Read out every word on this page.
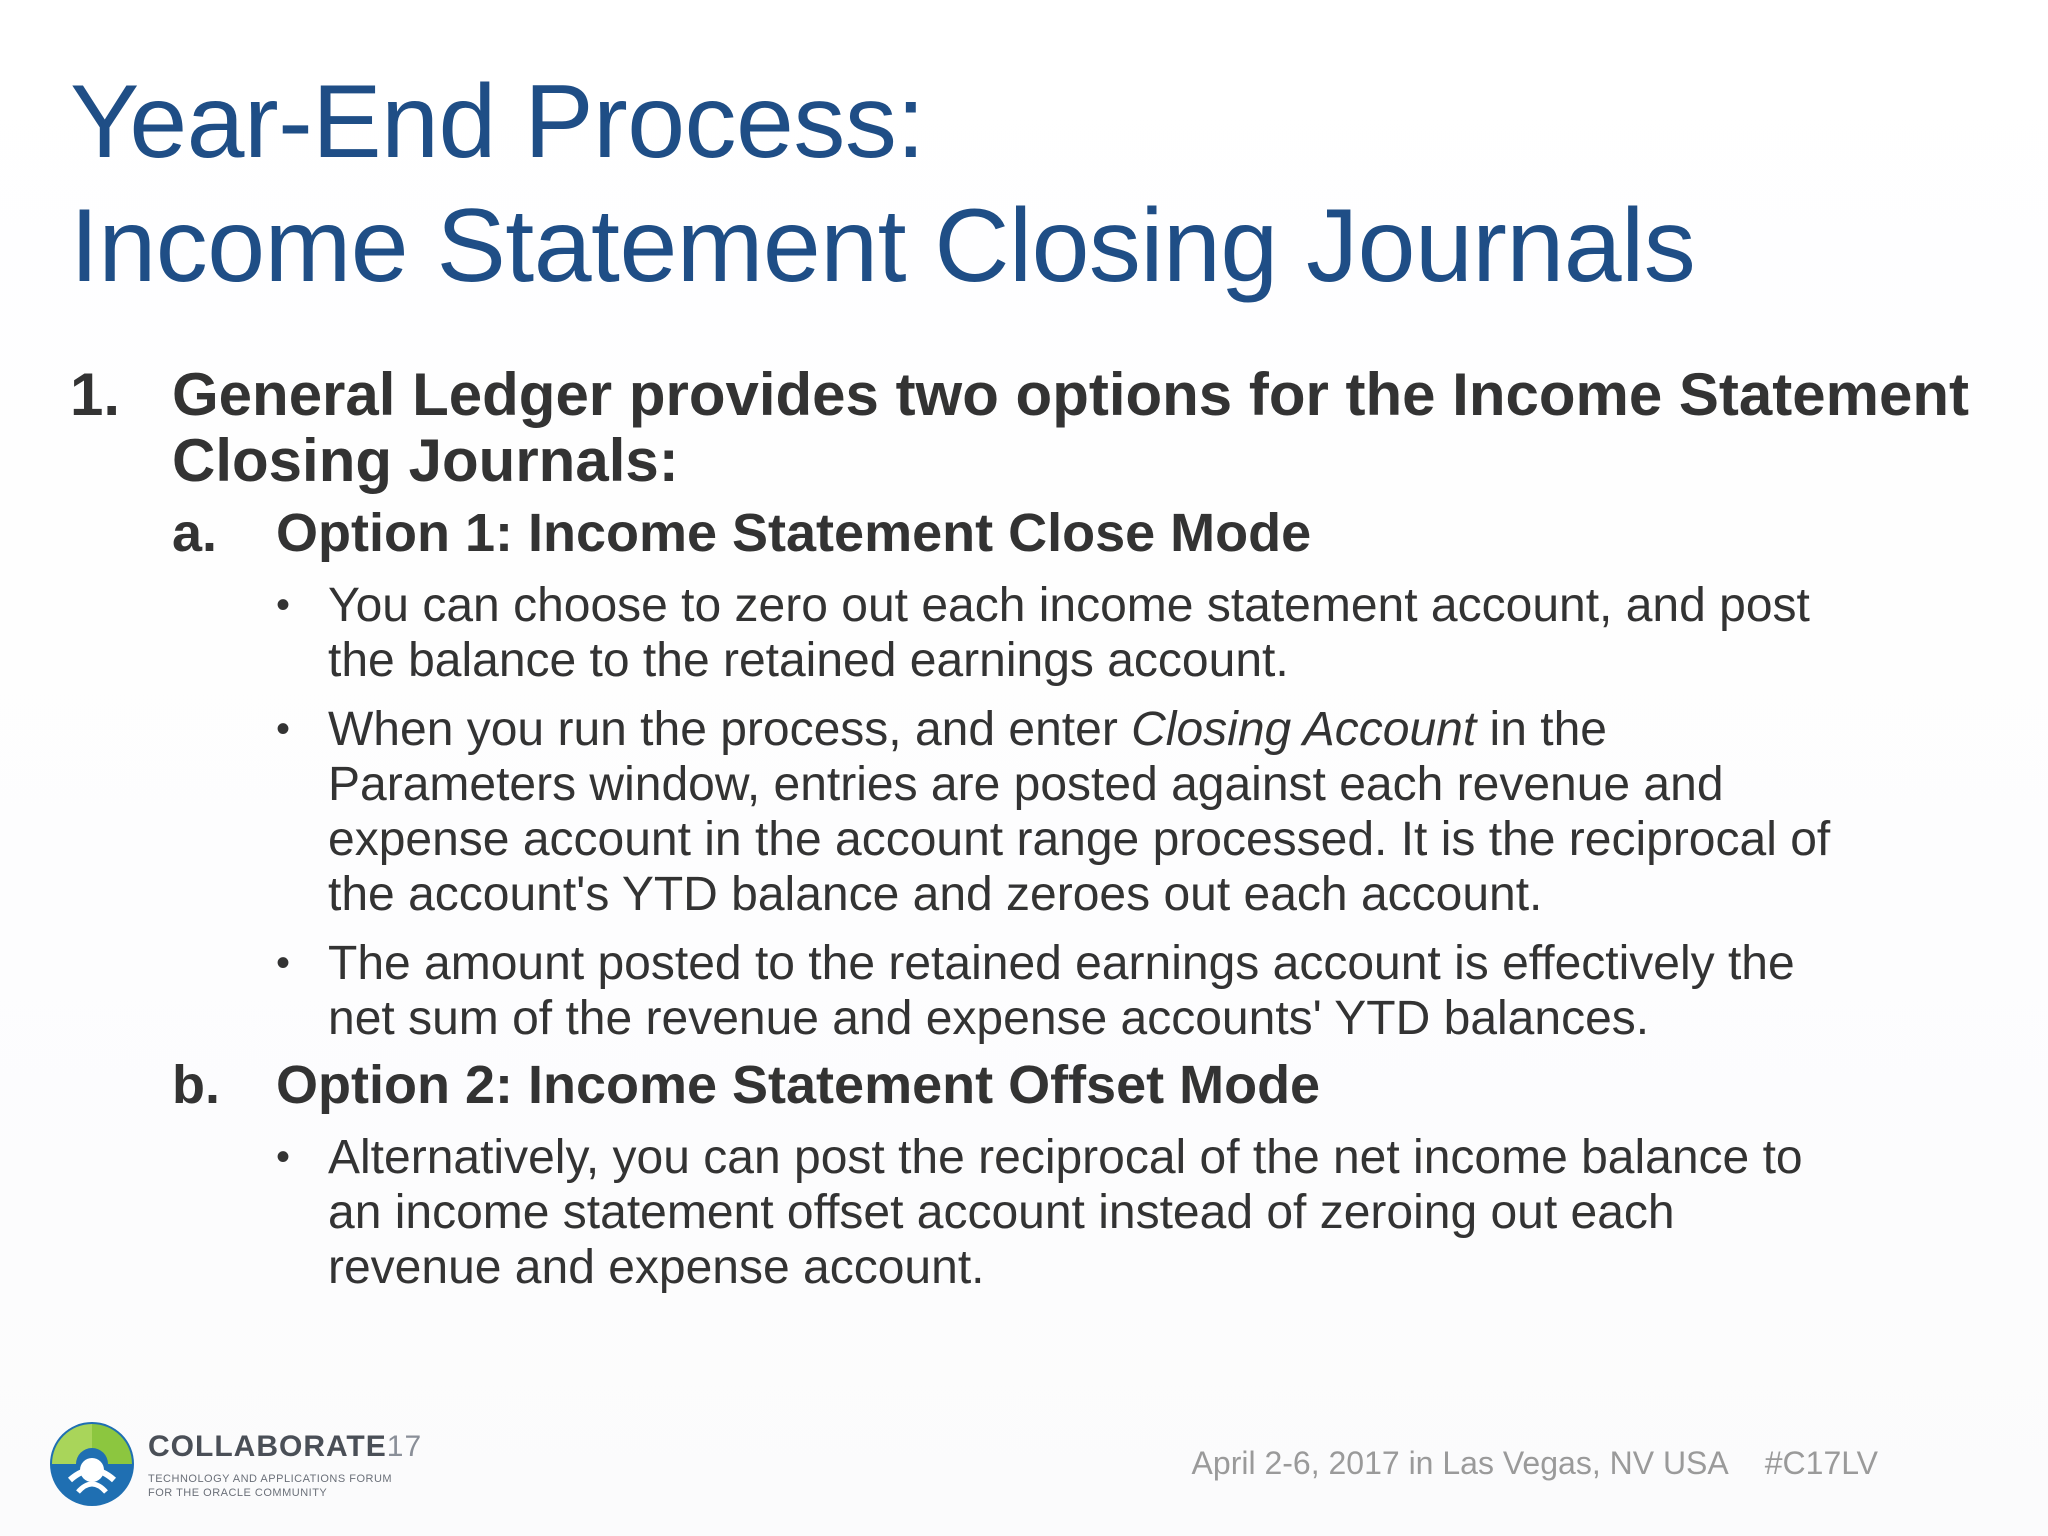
Year-End Process:
Income Statement Closing Journals
1. General Ledger provides two options for the Income Statement
Closing Journals:
a. Option 1: Income Statement Close Mode
• You can choose to zero out each income statement account, and post
the balance to the retained earnings account.
• When you run the process, and enter Closing Account in the
Parameters window, entries are posted against each revenue and
expense account in the account range processed. It is the reciprocal of
the account's YTD balance and zeroes out each account.
• The amount posted to the retained earnings account is effectively the
net sum of the revenue and expense accounts' YTD balances.
b. Option 2: Income Statement Offset Mode
• Alternatively, you can post the reciprocal of the net income balance to
an income statement offset account instead of zeroing out each
revenue and expense account.
COLLABORATE17
TECHNOLOGY AND APPLICATIONS FORUM
FOR THE ORACLE COMMUNITY
April 2-6, 2017 in Las Vegas, NV USA #C17LV
